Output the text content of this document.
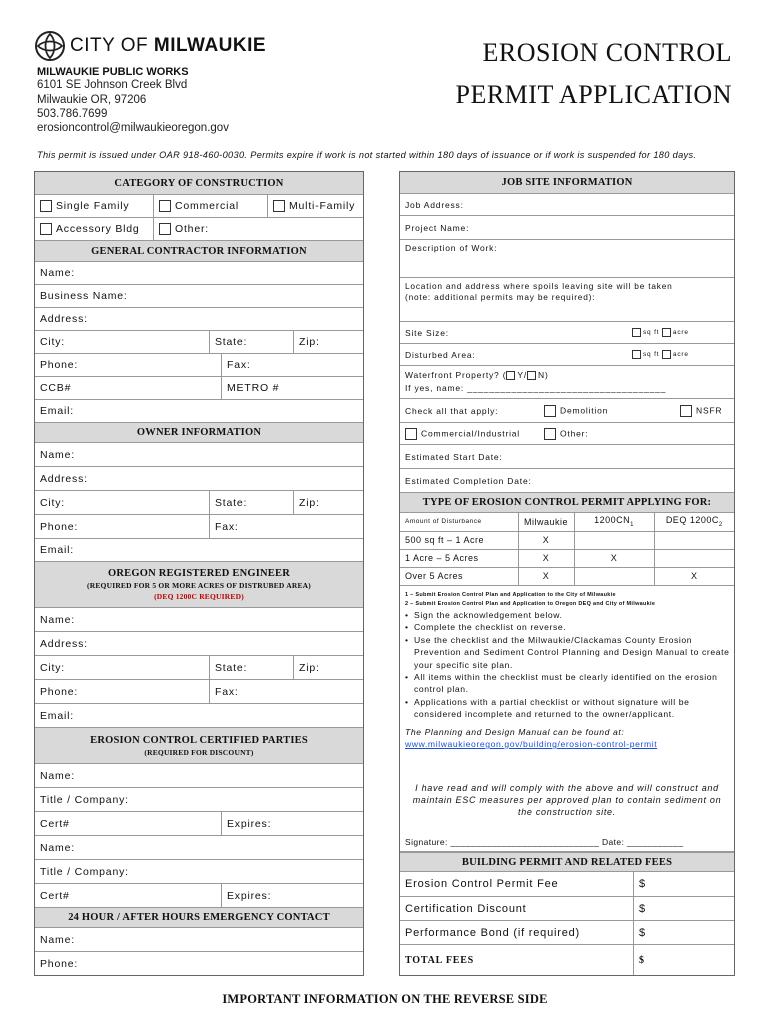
CITY OF MILWAUKIE
MILWAUKIE PUBLIC WORKS
6101 SE Johnson Creek Blvd
Milwaukie OR, 97206
503.786.7699
erosioncontrol@milwaukieoregon.gov
EROSION CONTROL
PERMIT APPLICATION
This permit is issued under OAR 918-460-0030. Permits expire if work is not started within 180 days of issuance or if work is suspended for 180 days.
CATEGORY OF CONSTRUCTION
Single Family	Commercial	Multi-Family
Accessory Bldg	Other:
GENERAL CONTRACTOR INFORMATION
Name:
Business Name:
Address:
City:	State:	Zip:
Phone:	Fax:
CCB#	METRO #
Email:
OWNER INFORMATION
Name:
Address:
City:	State:	Zip:
Phone:	Fax:
Email:
OREGON REGISTERED ENGINEER
(REQUIRED FOR 5 OR MORE ACRES OF DISTRUBED AREA)
(DEQ 1200C REQUIRED)
Name:
Address:
City:	State:	Zip:
Phone:	Fax:
Email:
EROSION CONTROL CERTIFIED PARTIES
(REQUIRED FOR DISCOUNT)
Name:
Title / Company:
Cert#	Expires:
Name:
Title / Company:
Cert#	Expires:
24 HOUR / AFTER HOURS EMERGENCY CONTACT
Name:
Phone:
JOB SITE INFORMATION
Job Address:
Project Name:
Description of Work:
Location and address where spoils leaving site will be taken
(note: additional permits may be required):
Site Size:	sq ft acre
Disturbed Area:	sq ft acre
Waterfront Property? ( Y/ N)
If yes, name: ____________________________________
Check all that apply:	Demolition	NSFR
Commercial/Industrial	Other:
Estimated Start Date:
Estimated Completion Date:
TYPE OF EROSION CONTROL PERMIT APPLYING FOR:
Amount of Disturbance	Milwaukie	$1200CN_1$	DEQ $1200C_2$
500 sq ft – 1 Acre	X		
1 Acre – 5 Acres	X	X	
Over 5 Acres	X		X
1 – Submit Erosion Control Plan and Application to the City of Milwaukie
2 – Submit Erosion Control Plan and Application to Oregon DEQ and City of Milwaukie
• Sign the acknowledgement below.
• Complete the checklist on reverse.
• Use the checklist and the Milwaukie/Clackamas County Erosion Prevention and Sediment Control Planning and Design Manual to create your specific site plan.
• All items within the checklist must be clearly identified on the erosion control plan.
• Applications with a partial checklist or without signature will be considered incomplete and returned to the owner/applicant.
The Planning and Design Manual can be found at:
www.milwaukieoregon.gov/building/erosion-control-permit
I have read and will comply with the above and will construct and maintain ESC measures per approved plan to contain sediment on the construction site.
Signature: _____________________________ Date: ___________
BUILDING PERMIT AND RELATED FEES
Erosion Control Permit Fee	$
Certification Discount	$
Performance Bond (if required)	$
TOTAL FEES	$
IMPORTANT INFORMATION ON THE REVERSE SIDE
